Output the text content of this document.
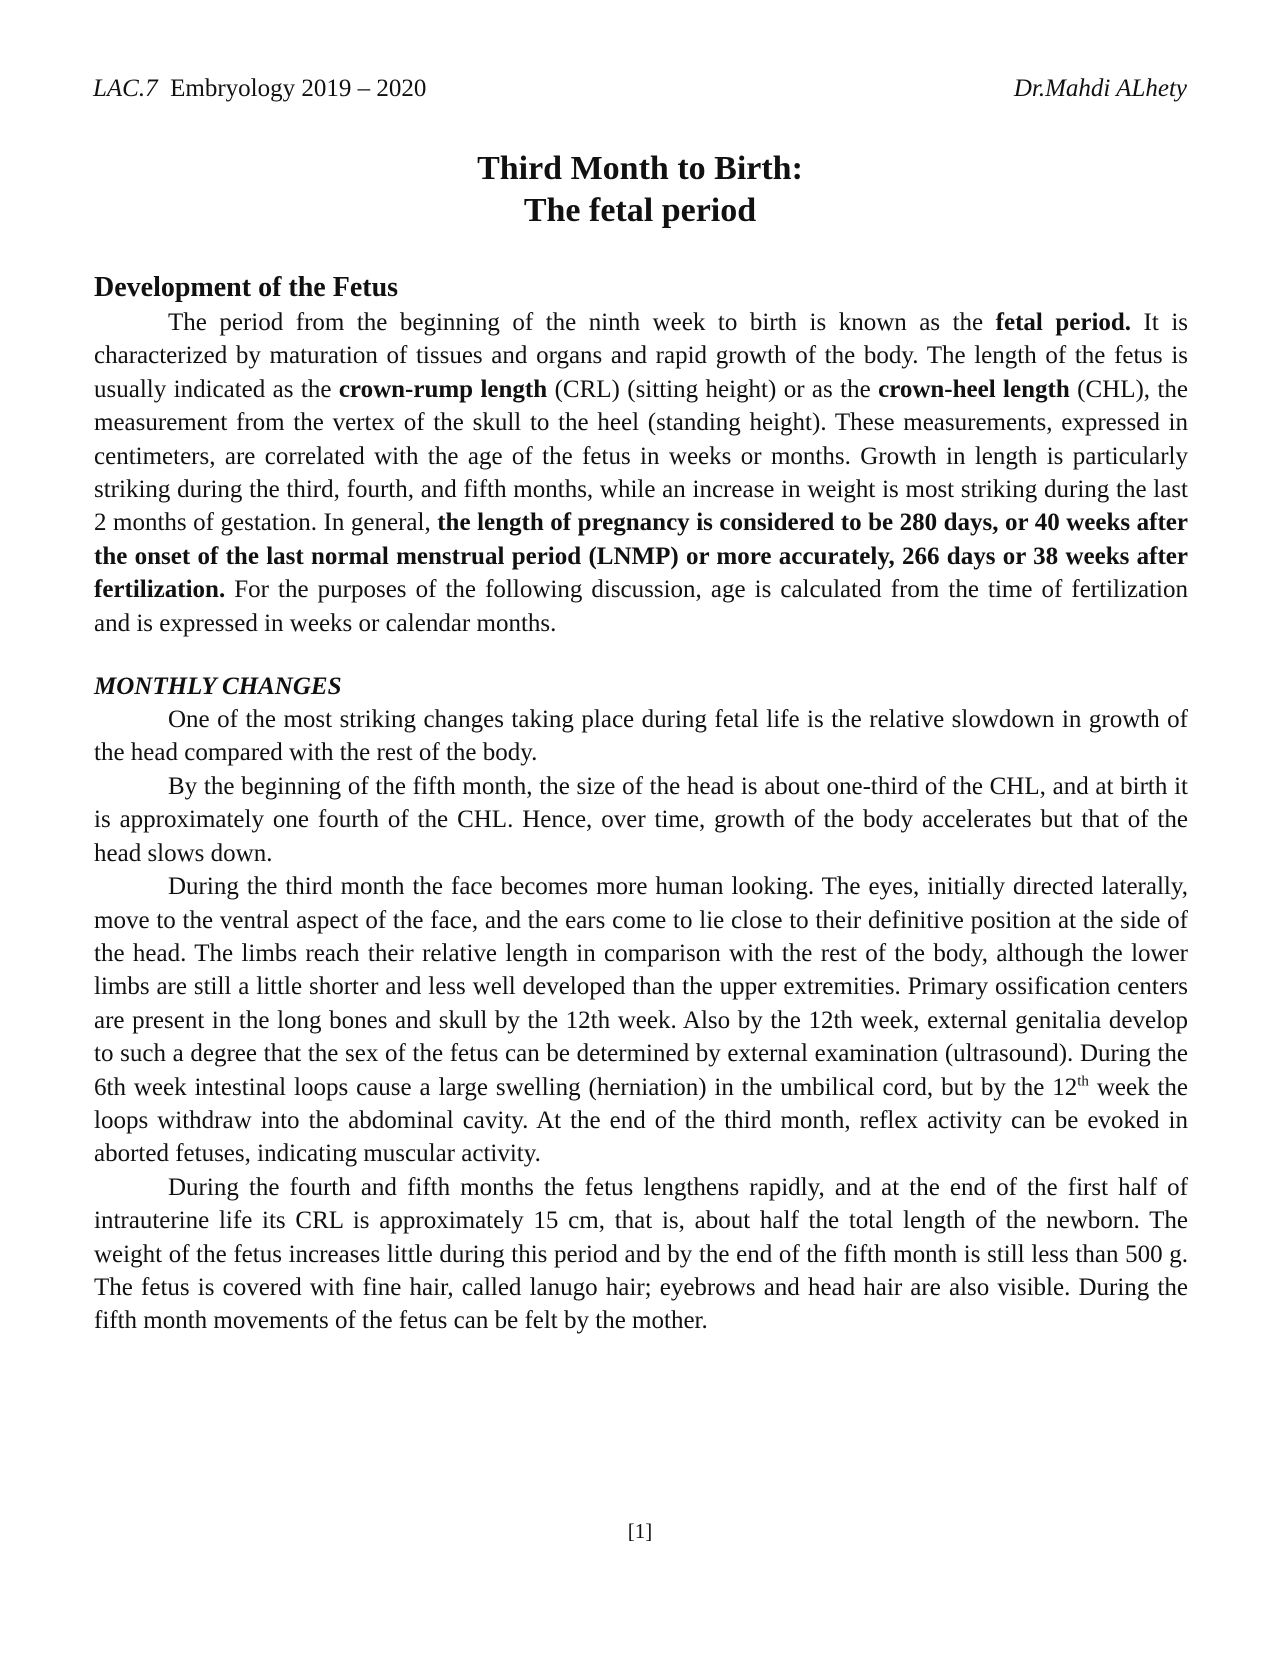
LAC.7 Embryology 2019 – 2020	Dr.Mahdi ALhety
Third Month to Birth:
The fetal period
Development of the Fetus

The period from the beginning of the ninth week to birth is known as the fetal period. It is characterized by maturation of tissues and organs and rapid growth of the body. The length of the fetus is usually indicated as the crown-rump length (CRL) (sitting height) or as the crown-heel length (CHL), the measurement from the vertex of the skull to the heel (standing height). These measurements, expressed in centimeters, are correlated with the age of the fetus in weeks or months. Growth in length is particularly striking during the third, fourth, and fifth months, while an increase in weight is most striking during the last 2 months of gestation. In general, the length of pregnancy is considered to be 280 days, or 40 weeks after the onset of the last normal menstrual period (LNMP) or more accurately, 266 days or 38 weeks after fertilization. For the purposes of the following discussion, age is calculated from the time of fertilization and is expressed in weeks or calendar months.

MONTHLY CHANGES

One of the most striking changes taking place during fetal life is the relative slowdown in growth of the head compared with the rest of the body.

By the beginning of the fifth month, the size of the head is about one-third of the CHL, and at birth it is approximately one fourth of the CHL. Hence, over time, growth of the body accelerates but that of the head slows down.

During the third month the face becomes more human looking. The eyes, initially directed laterally, move to the ventral aspect of the face, and the ears come to lie close to their definitive position at the side of the head. The limbs reach their relative length in comparison with the rest of the body, although the lower limbs are still a little shorter and less well developed than the upper extremities. Primary ossification centers are present in the long bones and skull by the 12th week. Also by the 12th week, external genitalia develop to such a degree that the sex of the fetus can be determined by external examination (ultrasound). During the 6th week intestinal loops cause a large swelling (herniation) in the umbilical cord, but by the 12th week the loops withdraw into the abdominal cavity. At the end of the third month, reflex activity can be evoked in aborted fetuses, indicating muscular activity.

During the fourth and fifth months the fetus lengthens rapidly, and at the end of the first half of intrauterine life its CRL is approximately 15 cm, that is, about half the total length of the newborn. The weight of the fetus increases little during this period and by the end of the fifth month is still less than 500 g. The fetus is covered with fine hair, called lanugo hair; eyebrows and head hair are also visible. During the fifth month movements of the fetus can be felt by the mother.

[1]
